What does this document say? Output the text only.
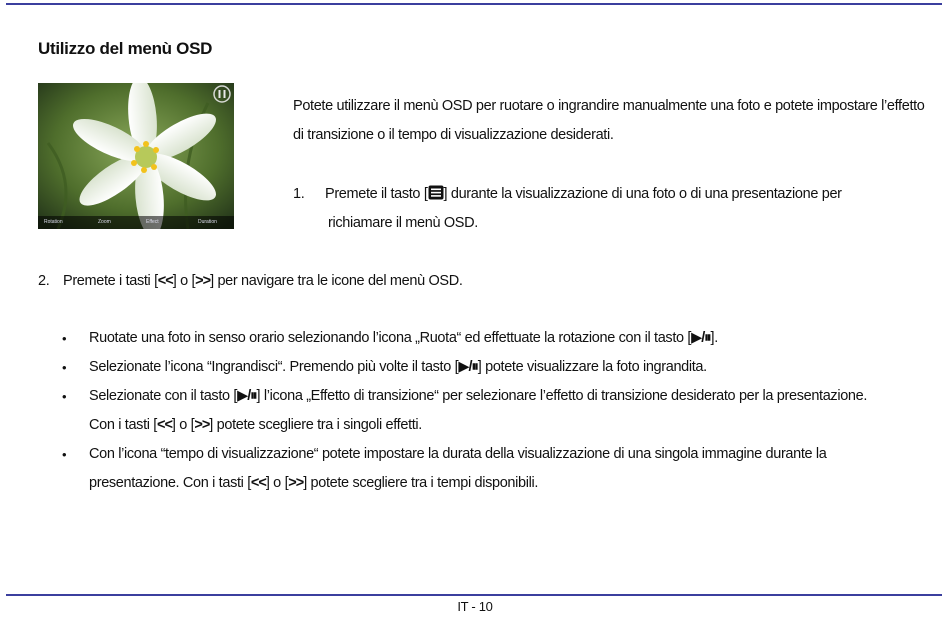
Utilizzo del menù OSD
Rotation	Zoom	Effect	Duration
Potete utilizzare il menù OSD per ruotare o ingrandire manualmente una foto e potete impostare l’effetto di transizione o il tempo di visualizzazione desiderati.
1. Premete il tasto [ ] durante la visualizzazione di una foto o di una presentazione per
richiamare il menù OSD.
2. Premete i tasti [<<] o [>>] per navigare tra le icone del menù OSD.
• Ruotate una foto in senso orario selezionando l’icona „Ruota“ ed effettuate la rotazione con il tasto [▶/⏸].
• Selezionate l’icona “Ingrandisci“. Premendo più volte il tasto [▶/⏸] potete visualizzare la foto ingrandita.
• Selezionate con il tasto [▶/⏸] l’icona „Effetto di transizione“ per selezionare l’effetto di transizione desiderato per la presentazione.
Con i tasti [<<] o [>>] potete scegliere tra i singoli effetti.
• Con l’icona “tempo di visualizzazione“ potete impostare la durata della visualizzazione di una singola immagine durante la
presentazione. Con i tasti [<<] o [>>] potete scegliere tra i tempi disponibili.
IT - 10
